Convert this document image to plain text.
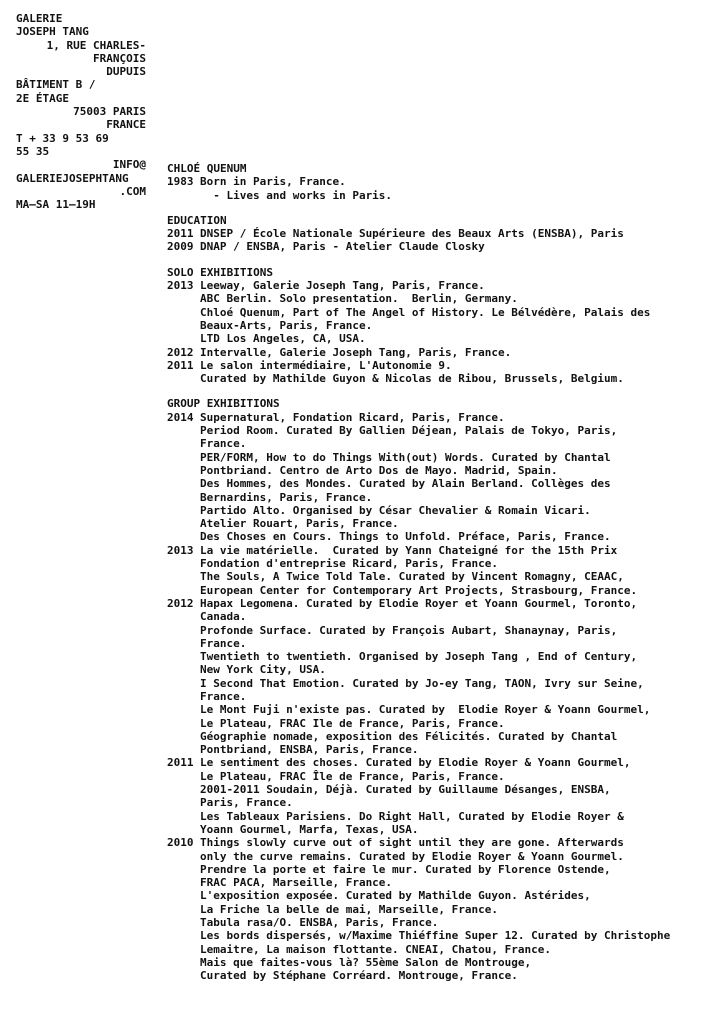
GALERIE
JOSEPH TANG
1, RUE CHARLES-
FRANÇOIS
DUPUIS
BÂTIMENT B /
2E ÉTAGE
75003 PARIS
FRANCE
T + 33 9 53 69
55 35
INFO@
GALERIEJOSEPHTANG
.COM
MA—SA 11—19H
CHLOÉ QUENUM
1983 Born in Paris, France.
- Lives and works in Paris.
EDUCATION
2011 DNSEP / École Nationale Supérieure des Beaux Arts (ENSBA), Paris
2009 DNAP / ENSBA, Paris - Atelier Claude Closky
SOLO EXHIBITIONS
2013 Leeway, Galerie Joseph Tang, Paris, France.
ABC Berlin. Solo presentation.  Berlin, Germany.
Chloé Quenum, Part of The Angel of History. Le Bélvédère, Palais des
Beaux-Arts, Paris, France.
LTD Los Angeles, CA, USA.
2012 Intervalle, Galerie Joseph Tang, Paris, France.
2011 Le salon intermédiaire, L'Autonomie 9.
Curated by Mathilde Guyon & Nicolas de Ribou, Brussels, Belgium.
GROUP EXHIBITIONS
2014 Supernatural, Fondation Ricard, Paris, France.
Period Room. Curated By Gallien Déjean, Palais de Tokyo, Paris,
France.
PER/FORM, How to do Things With(out) Words. Curated by Chantal
Pontbriand. Centro de Arto Dos de Mayo. Madrid, Spain.
Des Hommes, des Mondes. Curated by Alain Berland. Collèges des
Bernardins, Paris, France.
Partido Alto. Organised by César Chevalier & Romain Vicari.
Atelier Rouart, Paris, France.
Des Choses en Cours. Things to Unfold. Préface, Paris, France.
2013 La vie matérielle.  Curated by Yann Chateigné for the 15th Prix
Fondation d'entreprise Ricard, Paris, France.
The Souls, A Twice Told Tale. Curated by Vincent Romagny, CEAAC,
European Center for Contemporary Art Projects, Strasbourg, France.
2012 Hapax Legomena. Curated by Elodie Royer et Yoann Gourmel, Toronto,
Canada.
Profonde Surface. Curated by François Aubart, Shanaynay, Paris,
France.
Twentieth to twentieth. Organised by Joseph Tang , End of Century,
New York City, USA.
I Second That Emotion. Curated by Jo-ey Tang, TAON, Ivry sur Seine,
France.
Le Mont Fuji n'existe pas. Curated by  Elodie Royer & Yoann Gourmel,
Le Plateau, FRAC Ile de France, Paris, France.
Géographie nomade, exposition des Félicités. Curated by Chantal
Pontbriand, ENSBA, Paris, France.
2011 Le sentiment des choses. Curated by Elodie Royer & Yoann Gourmel,
Le Plateau, FRAC Île de France, Paris, France.
2001-2011 Soudain, Déjà. Curated by Guillaume Désanges, ENSBA,
Paris, France.
Les Tableaux Parisiens. Do Right Hall, Curated by Elodie Royer &
Yoann Gourmel, Marfa, Texas, USA.
2010 Things slowly curve out of sight until they are gone. Afterwards
only the curve remains. Curated by Elodie Royer & Yoann Gourmel.
Prendre la porte et faire le mur. Curated by Florence Ostende,
FRAC PACA, Marseille, France.
L'exposition exposée. Curated by Mathilde Guyon. Astérides,
La Friche la belle de mai, Marseille, France.
Tabula rasa/O. ENSBA, Paris, France.
Les bords dispersés, w/Maxime Thiéffine Super 12. Curated by Christophe
Lemaitre, La maison flottante. CNEAI, Chatou, France.
Mais que faites-vous là? 55ème Salon de Montrouge,
Curated by Stéphane Corréard. Montrouge, France.
